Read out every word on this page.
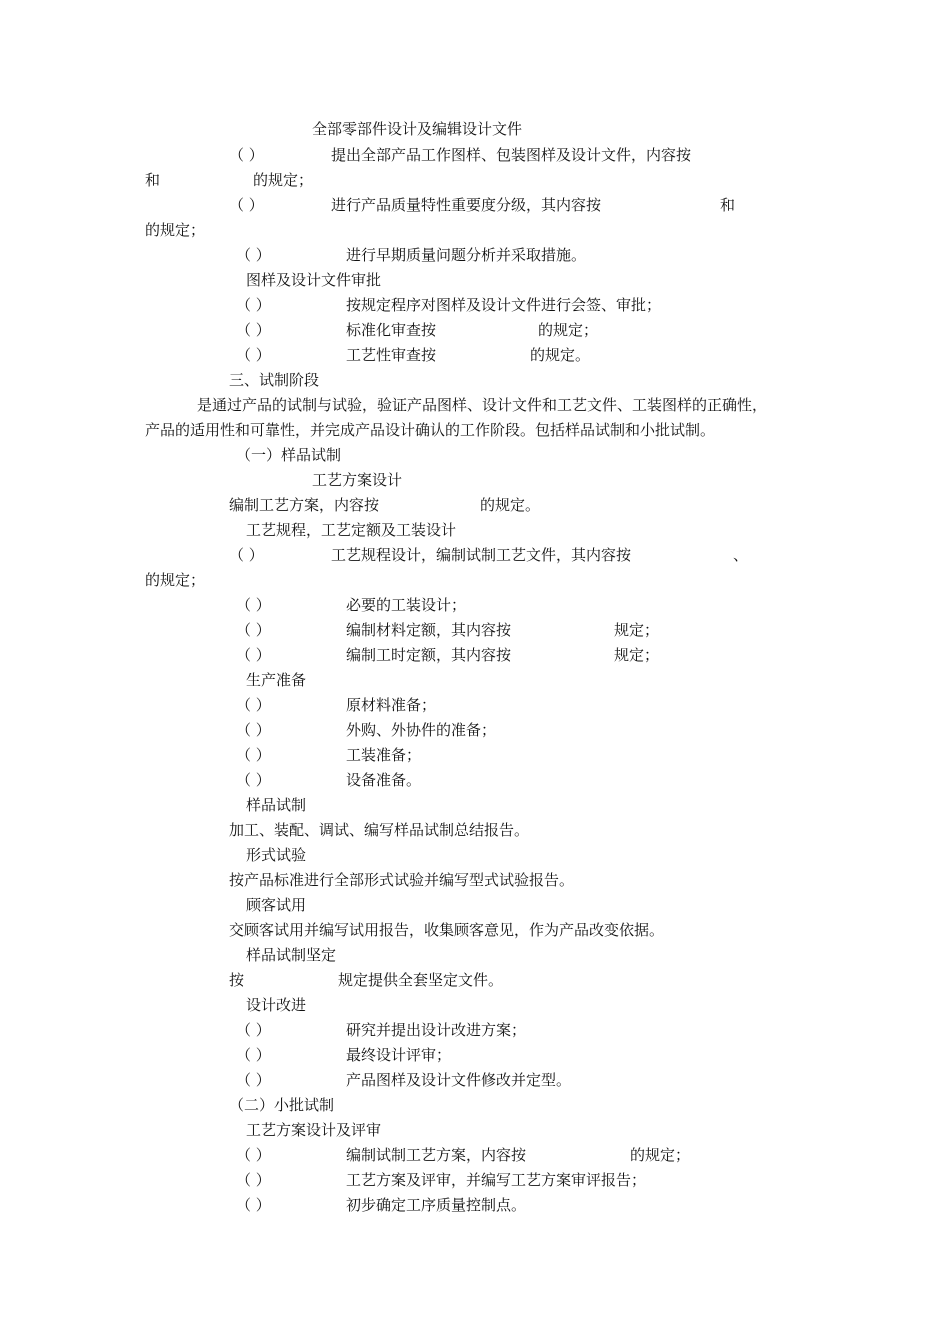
全部零部件设计及编辑设计文件
（ ）	提出全部产品工作图样、包装图样及设计文件，内容按
和	的规定；
（ ）	进行产品质量特性重要度分级，其内容按	和
的规定；
（ ）	进行早期质量问题分析并采取措施。
图样及设计文件审批
（ ）	按规定程序对图样及设计文件进行会签、审批；
（ ）	标准化审查按	的规定；
（ ）	工艺性审查按	的规定。
三、试制阶段
是通过产品的试制与试验，验证产品图样、设计文件和工艺文件、工装图样的正确性，
产品的适用性和可靠性，并完成产品设计确认的工作阶段。包括样品试制和小批试制。
（一）样品试制
工艺方案设计
编制工艺方案，内容按	的规定。
工艺规程，工艺定额及工装设计
（ ）	工艺规程设计，编制试制工艺文件，其内容按	、
的规定；
（ ）	必要的工装设计；
（ ）	编制材料定额，其内容按	规定；
（ ）	编制工时定额，其内容按	规定；
生产准备
（ ）	原材料准备；
（ ）	外购、外协件的准备；
（ ）	工装准备；
（ ）	设备准备。
样品试制
加工、装配、调试、编写样品试制总结报告。
形式试验
按产品标准进行全部形式试验并编写型式试验报告。
顾客试用
交顾客试用并编写试用报告，收集顾客意见，作为产品改变依据。
样品试制坚定
按	规定提供全套坚定文件。
设计改进
（ ）	研究并提出设计改进方案；
（ ）	最终设计评审；
（ ）	产品图样及设计文件修改并定型。
（二）小批试制
工艺方案设计及评审
（ ）	编制试制工艺方案，内容按	的规定；
（ ）	工艺方案及评审，并编写工艺方案审评报告；
（ ）	初步确定工序质量控制点。
